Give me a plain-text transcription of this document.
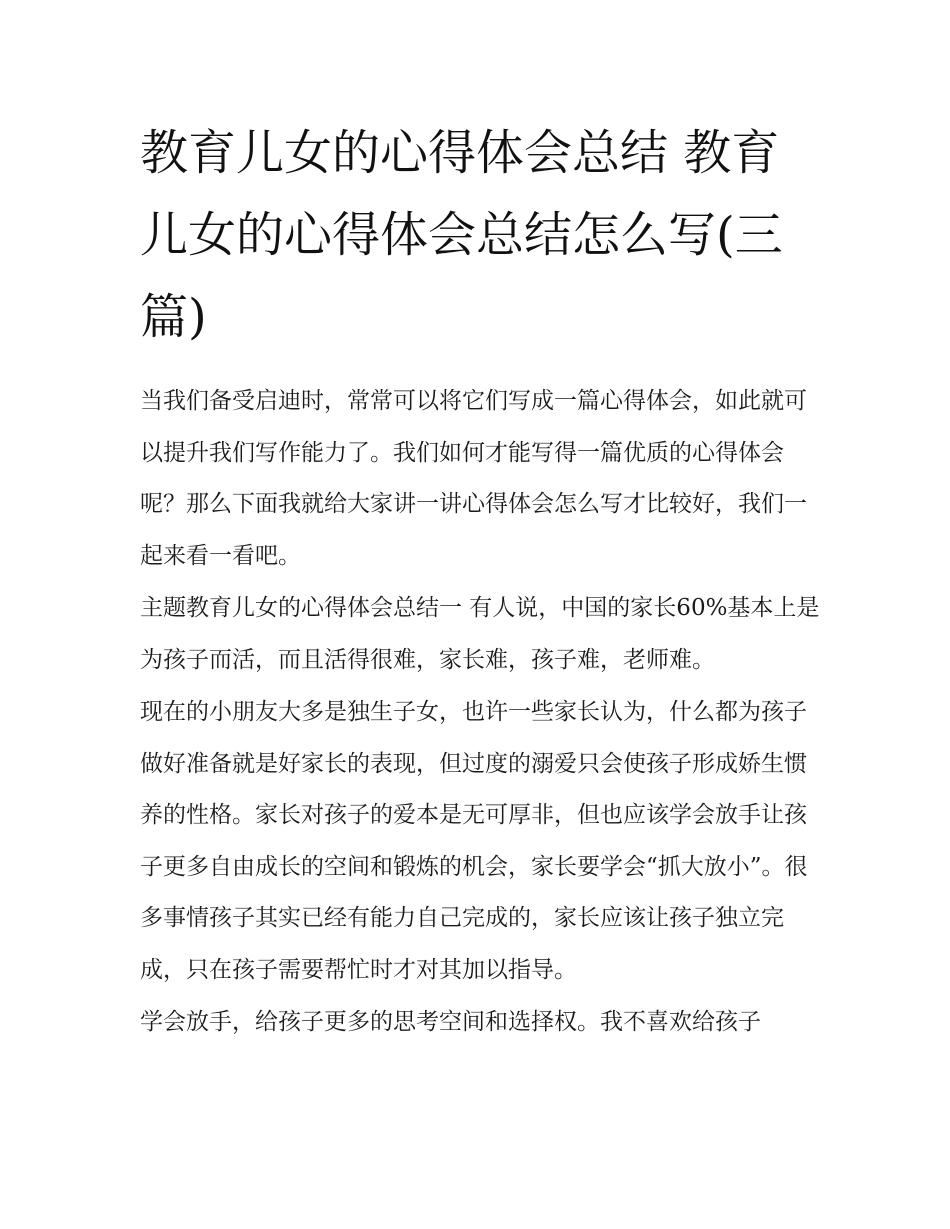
教育儿女的心得体会总结 教育儿女的心得体会总结怎么写(三篇)

当我们备受启迪时，常常可以将它们写成一篇心得体会，如此就可以提升我们写作能力了。我们如何才能写得一篇优质的心得体会呢？那么下面我就给大家讲一讲心得体会怎么写才比较好，我们一起来看一看吧。

主题教育儿女的心得体会总结一 有人说，中国的家长60%基本上是为孩子而活，而且活得很难，家长难，孩子难，老师难。

现在的小朋友大多是独生子女，也许一些家长认为，什么都为孩子做好准备就是好家长的表现，但过度的溺爱只会使孩子形成娇生惯养的性格。家长对孩子的爱本是无可厚非，但也应该学会放手让孩子更多自由成长的空间和锻炼的机会，家长要学会“抓大放小”。很多事情孩子其实已经有能力自己完成的，家长应该让孩子独立完成，只在孩子需要帮忙时才对其加以指导。

学会放手，给孩子更多的思考空间和选择权。我不喜欢给孩子
